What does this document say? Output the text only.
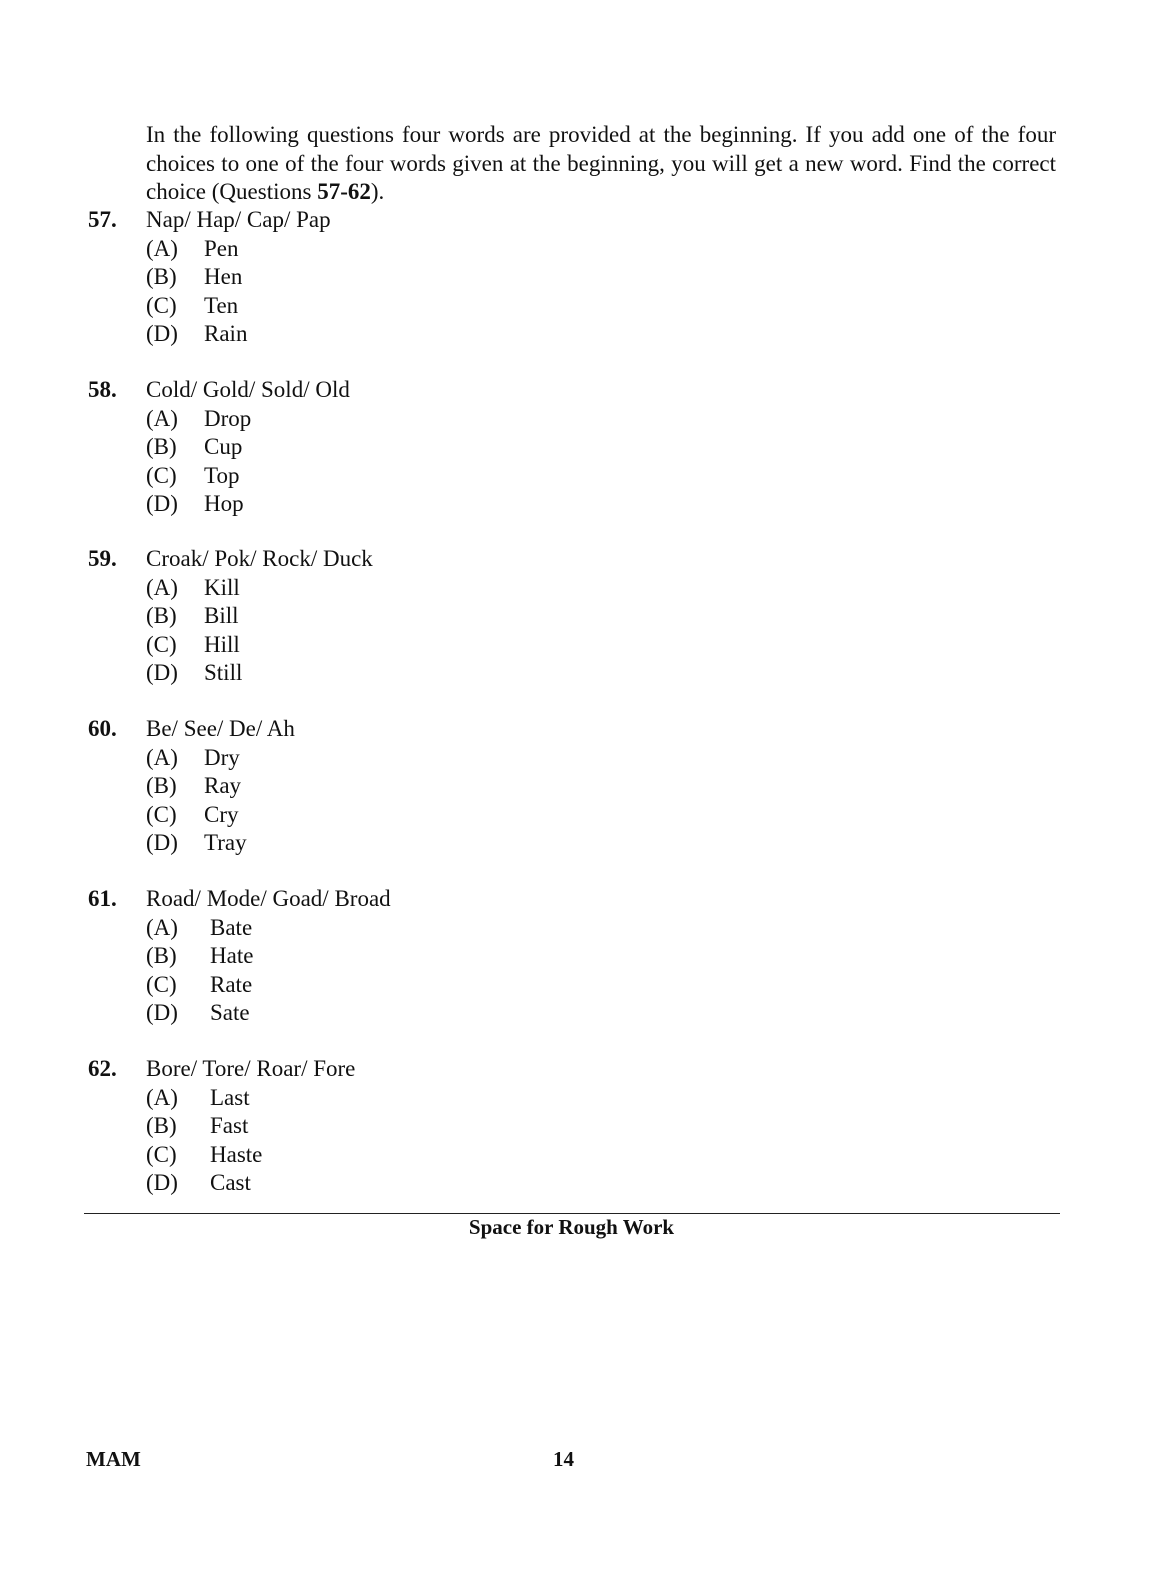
In the following questions four words are provided at the beginning. If you add one of the four choices to one of the four words given at the beginning, you will get a new word. Find the correct choice (Questions 57-62).
57.	Nap/ Hap/ Cap/ Pap
(A)	Pen
(B)	Hen
(C)	Ten
(D)	Rain
58.	Cold/ Gold/ Sold/ Old
(A)	Drop
(B)	Cup
(C)	Top
(D)	Hop
59.	Croak/ Pok/ Rock/ Duck
(A)	Kill
(B)	Bill
(C)	Hill
(D)	Still
60.	Be/ See/ De/ Ah
(A)	Dry
(B)	Ray
(C)	Cry
(D)	Tray
61.	Road/ Mode/ Goad/ Broad
(A)	Bate
(B)	Hate
(C)	Rate
(D)	Sate
62.	Bore/ Tore/ Roar/ Fore
(A)	Last
(B)	Fast
(C)	Haste
(D)	Cast
Space for Rough Work
MAM	14
